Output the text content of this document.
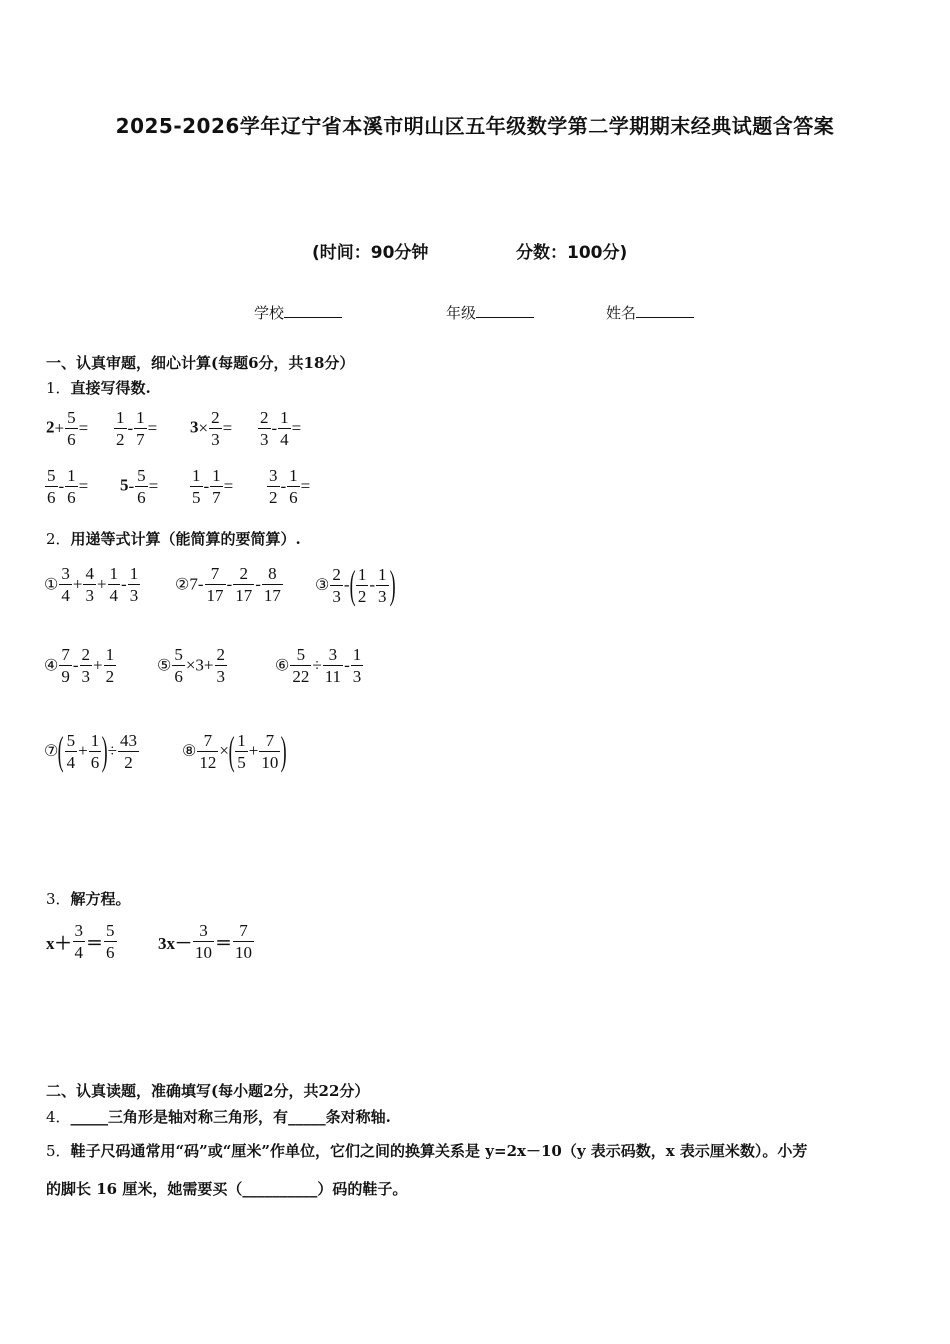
2025-2026学年辽宁省本溪市明山区五年级数学第二学期期末经典试题含答案
(时间：90分钟	分数：100分)
学校	年级	姓名
一、认真审题，细心计算(每题6分，共18分）
1．直接写得数.
$2+ \frac{5}{6} = \frac{1}{2} - \frac{1}{7} = 3\times \frac{2}{3} = \frac{2}{3} - \frac{1}{4}$ =
$\frac{5}{6} - \frac{1}{6} = 5- \frac{5}{6} = \frac{1}{5} - \frac{1}{7} = \frac{3}{2} - \frac{1}{6}$ =
2．用递等式计算（能简算的要简算）.
① $\frac{3}{4} + \frac{4}{3} + \frac{1}{4} - \frac{1}{3}$ ②7- $\frac{7}{17} - \frac{2}{17} - \frac{8}{17}$ ③ $\frac{2}{3}$ -( $\frac{1}{2} - \frac{1}{3}$ )
④ $\frac{7}{9} - \frac{2}{3} + \frac{1}{2}$	⑤ $\frac{5}{6} \times 3+ \frac{2}{3}$	⑥ $\frac{5}{22} \div \frac{3}{11} - \frac{1}{3}$
⑦( $\frac{5}{4} + \frac{1}{6}$ )÷ $\frac{43}{2}$	⑧ $\frac{7}{12}$ ×( $\frac{1}{5} + \frac{7}{10}$ )
3．解方程。
$x+ \frac{3}{4} = \frac{5}{6} 3x- \frac{3}{10} = \frac{7}{10}$
二、认真读题，准确填写(每小题2分，共22分）
4．_____三角形是轴对称三角形，有_____条对称轴.
5．鞋子尺码通常用“码”或“厘米”作单位，它们之间的换算关系是 y=2x－10（y 表示码数，x 表示厘米数）。小芳
的脚长 16 厘米，她需要买（__________）码的鞋子。
